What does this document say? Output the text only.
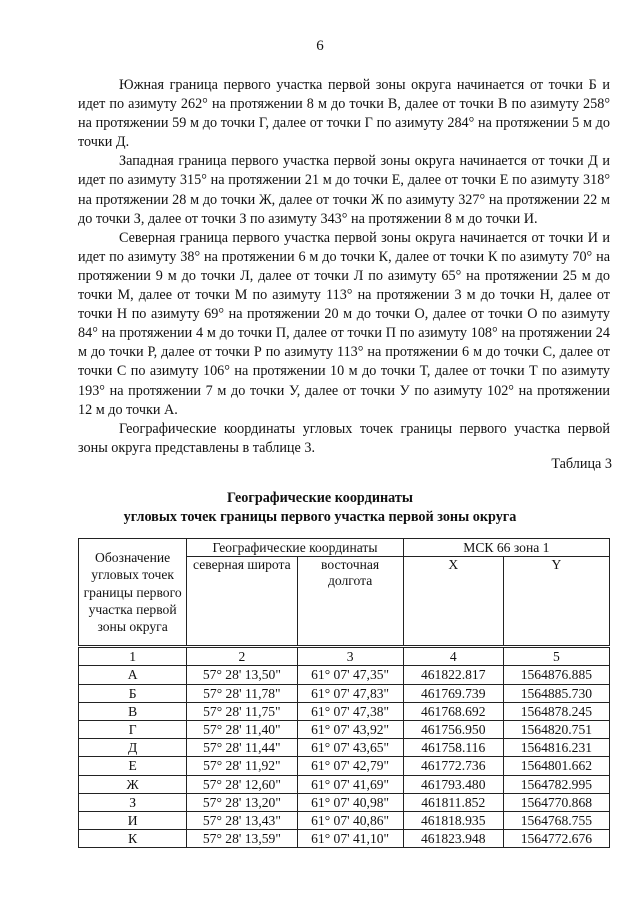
6

Южная граница первого участка первой зоны округа начинается от точки Б и идет по азимуту 262° на протяжении 8 м до точки В, далее от точки В по азимуту 258° на протяжении 59 м до точки Г, далее от точки Г по азимуту 284° на протяжении 5 м до точки Д.

Западная граница первого участка первой зоны округа начинается от точки Д и идет по азимуту 315° на протяжении 21 м до точки Е, далее от точки Е по азимуту 318° на протяжении 28 м до точки Ж, далее от точки Ж по азимуту 327° на протяжении 22 м до точки З, далее от точки З по азимуту 343° на протяжении 8 м до точки И.

Северная граница первого участка первой зоны округа начинается от точки И и идет по азимуту 38° на протяжении 6 м до точки К, далее от точки К по азимуту 70° на протяжении 9 м до точки Л, далее от точки Л по азимуту 65° на протяжении 25 м до точки М, далее от точки М по азимуту 113° на протяжении 3 м до точки Н, далее от точки Н по азимуту 69° на протяжении 20 м до точки О, далее от точки О по азимуту 84° на протяжении 4 м до точки П, далее от точки П по азимуту 108° на протяжении 24 м до точки Р, далее от точки Р по азимуту 113° на протяжении 6 м до точки С, далее от точки С по азимуту 106° на протяжении 10 м до точки Т, далее от точки Т по азимуту 193° на протяжении 7 м до точки У, далее от точки У по азимуту 102° на протяжении 12 м до точки А.

Географические координаты угловых точек границы первого участка первой зоны округа представлены в таблице 3.

Таблица 3
Географические координаты
угловых точек границы первого участка первой зоны округа
Обозначение угловых точек границы первого участка первой зоны округа	Географические координаты		МСК 66 зона 1	
	северная широта	восточная долгота	X	Y
1	2	3	4	5
А	57° 28' 13,50"	61° 07' 47,35"	461822.817	1564876.885
Б	57° 28' 11,78"	61° 07' 47,83"	461769.739	1564885.730
В	57° 28' 11,75"	61° 07' 47,38"	461768.692	1564878.245
Г	57° 28' 11,40"	61° 07' 43,92"	461756.950	1564820.751
Д	57° 28' 11,44"	61° 07' 43,65"	461758.116	1564816.231
Е	57° 28' 11,92"	61° 07' 42,79"	461772.736	1564801.662
Ж	57° 28' 12,60"	61° 07' 41,69"	461793.480	1564782.995
З	57° 28' 13,20"	61° 07' 40,98"	461811.852	1564770.868
И	57° 28' 13,43"	61° 07' 40,86"	461818.935	1564768.755
К	57° 28' 13,59"	61° 07' 41,10"	461823.948	1564772.676
